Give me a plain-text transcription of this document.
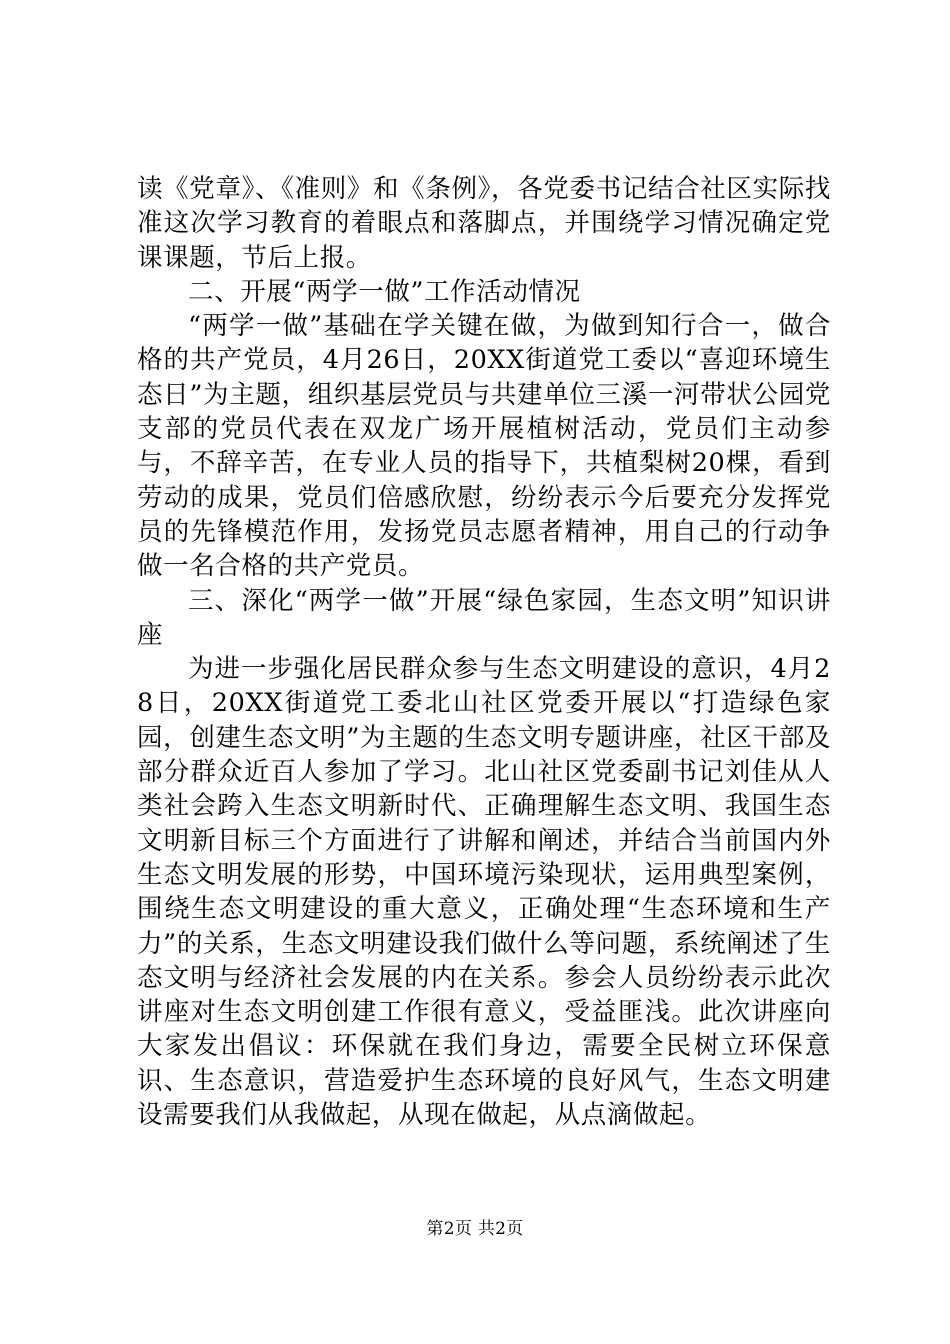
读《党章》、《准则》和《条例》，各党委书记结合社区实际找准这次学习教育的着眼点和落脚点，并围绕学习情况确定党课课题，节后上报。

二、开展“两学一做”工作活动情况

“两学一做”基础在学关键在做，为做到知行合一，做合格的共产党员，4月26日，20XX街道党工委以“喜迎环境生态日”为主题，组织基层党员与共建单位三溪一河带状公园党支部的党员代表在双龙广场开展植树活动，党员们主动参与，不辞辛苦，在专业人员的指导下，共植梨树20棵，看到劳动的成果，党员们倍感欣慰，纷纷表示今后要充分发挥党员的先锋模范作用，发扬党员志愿者精神，用自己的行动争做一名合格的共产党员。

三、深化“两学一做”开展“绿色家园，生态文明”知识讲座

为进一步强化居民群众参与生态文明建设的意识，4月28日，20XX街道党工委北山社区党委开展以“打造绿色家园，创建生态文明”为主题的生态文明专题讲座，社区干部及部分群众近百人参加了学习。北山社区党委副书记刘佳从人类社会跨入生态文明新时代、正确理解生态文明、我国生态文明新目标三个方面进行了讲解和阐述，并结合当前国内外生态文明发展的形势，中国环境污染现状，运用典型案例，围绕生态文明建设的重大意义，正确处理“生态环境和生产力”的关系，生态文明建设我们做什么等问题，系统阐述了生态文明与经济社会发展的内在关系。参会人员纷纷表示此次讲座对生态文明创建工作很有意义，受益匪浅。此次讲座向大家发出倡议：环保就在我们身边，需要全民树立环保意识、生态意识，营造爱护生态环境的良好风气，生态文明建设需要我们从我做起，从现在做起，从点滴做起。

第2页 共2页
